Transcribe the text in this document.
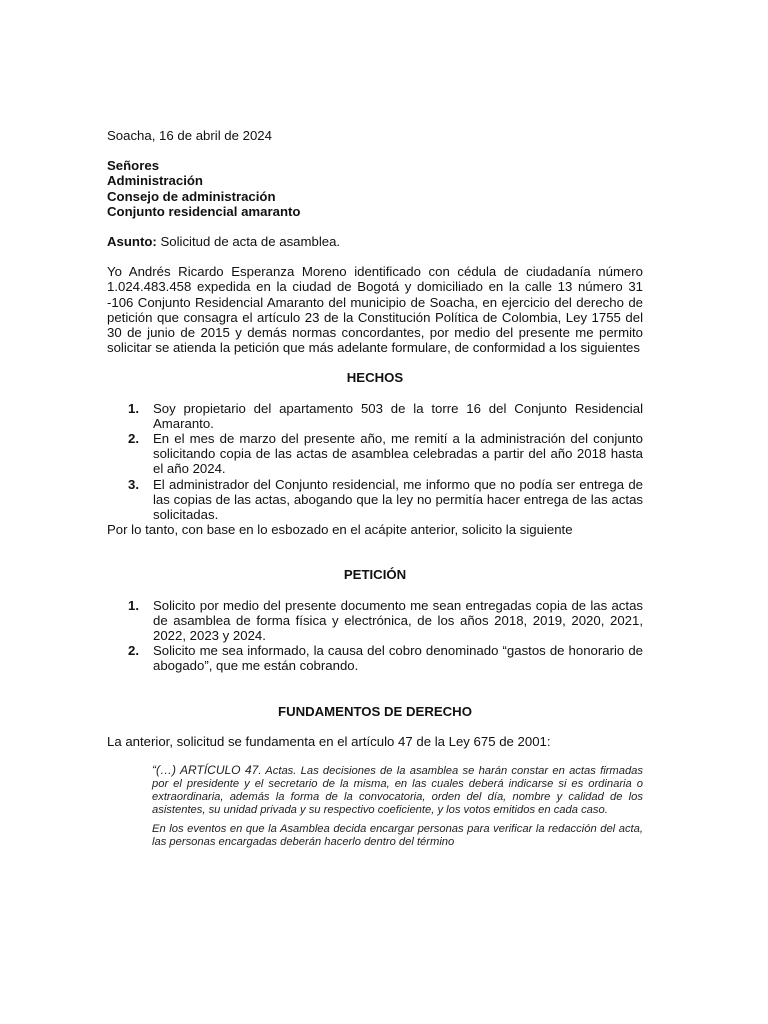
Soacha, 16 de abril de 2024

Señores

Administración

Consejo de administración

Conjunto residencial amaranto

Asunto: Solicitud de acta de asamblea.

Yo Andrés Ricardo Esperanza Moreno identificado con cédula de ciudadanía número 1.024.483.458 expedida en la ciudad de Bogotá y domiciliado en la calle 13 número 31 -106 Conjunto Residencial Amaranto del municipio de Soacha, en ejercicio del derecho de petición que consagra el artículo 23 de la Constitución Política de Colombia, Ley 1755 del 30 de junio de 2015 y demás normas concordantes, por medio del presente me permito solicitar se atienda la petición que más adelante formulare, de conformidad a los siguientes

HECHOS

1. Soy propietario del apartamento 503 de la torre 16 del Conjunto Residencial Amaranto.
2. En el mes de marzo del presente año, me remití a la administración del conjunto solicitando copia de las actas de asamblea celebradas a partir del año 2018 hasta el año 2024.
3. El administrador del Conjunto residencial, me informo que no podía ser entrega de las copias de las actas, abogando que la ley no permitía hacer entrega de las actas solicitadas.

Por lo tanto, con base en lo esbozado en el acápite anterior, solicito la siguiente

PETICIÓN

1. Solicito por medio del presente documento me sean entregadas copia de las actas de asamblea de forma física y electrónica, de los años 2018, 2019, 2020, 2021, 2022, 2023 y 2024.
2. Solicito me sea informado, la causa del cobro denominado “gastos de honorario de abogado”, que me están cobrando.

FUNDAMENTOS DE DERECHO

La anterior, solicitud se fundamenta en el artículo 47 de la Ley 675 de 2001:

“(…) ARTÍCULO 47. Actas. Las decisiones de la asamblea se harán constar en actas firmadas por el presidente y el secretario de la misma, en las cuales deberá indicarse si es ordinaria o extraordinaria, además la forma de la convocatoria, orden del día, nombre y calidad de los asistentes, su unidad privada y su respectivo coeficiente, y los votos emitidos en cada caso.

En los eventos en que la Asamblea decida encargar personas para verificar la redacción del acta, las personas encargadas deberán hacerlo dentro del término
